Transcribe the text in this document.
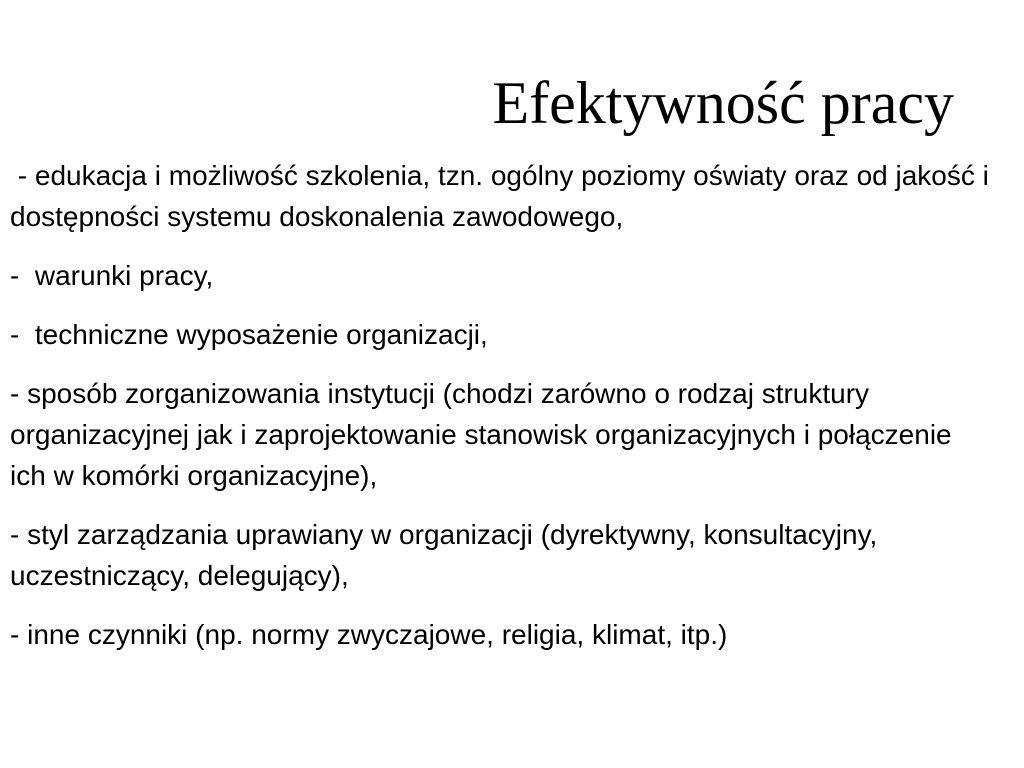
Efektywność pracy

- edukacja i możliwość szkolenia, tzn. ogólny poziomy oświaty oraz od jakość i dostępności systemu doskonalenia zawodowego,

-  warunki pracy,

-  techniczne wyposażenie organizacji,

- sposób zorganizowania instytucji (chodzi zarówno o rodzaj struktury organizacyjnej jak i zaprojektowanie stanowisk organizacyjnych i połączenie ich w komórki organizacyjne),

- styl zarządzania uprawiany w organizacji (dyrektywny, konsultacyjny, uczestniczący, delegujący),

- inne czynniki (np. normy zwyczajowe, religia, klimat, itp.)
